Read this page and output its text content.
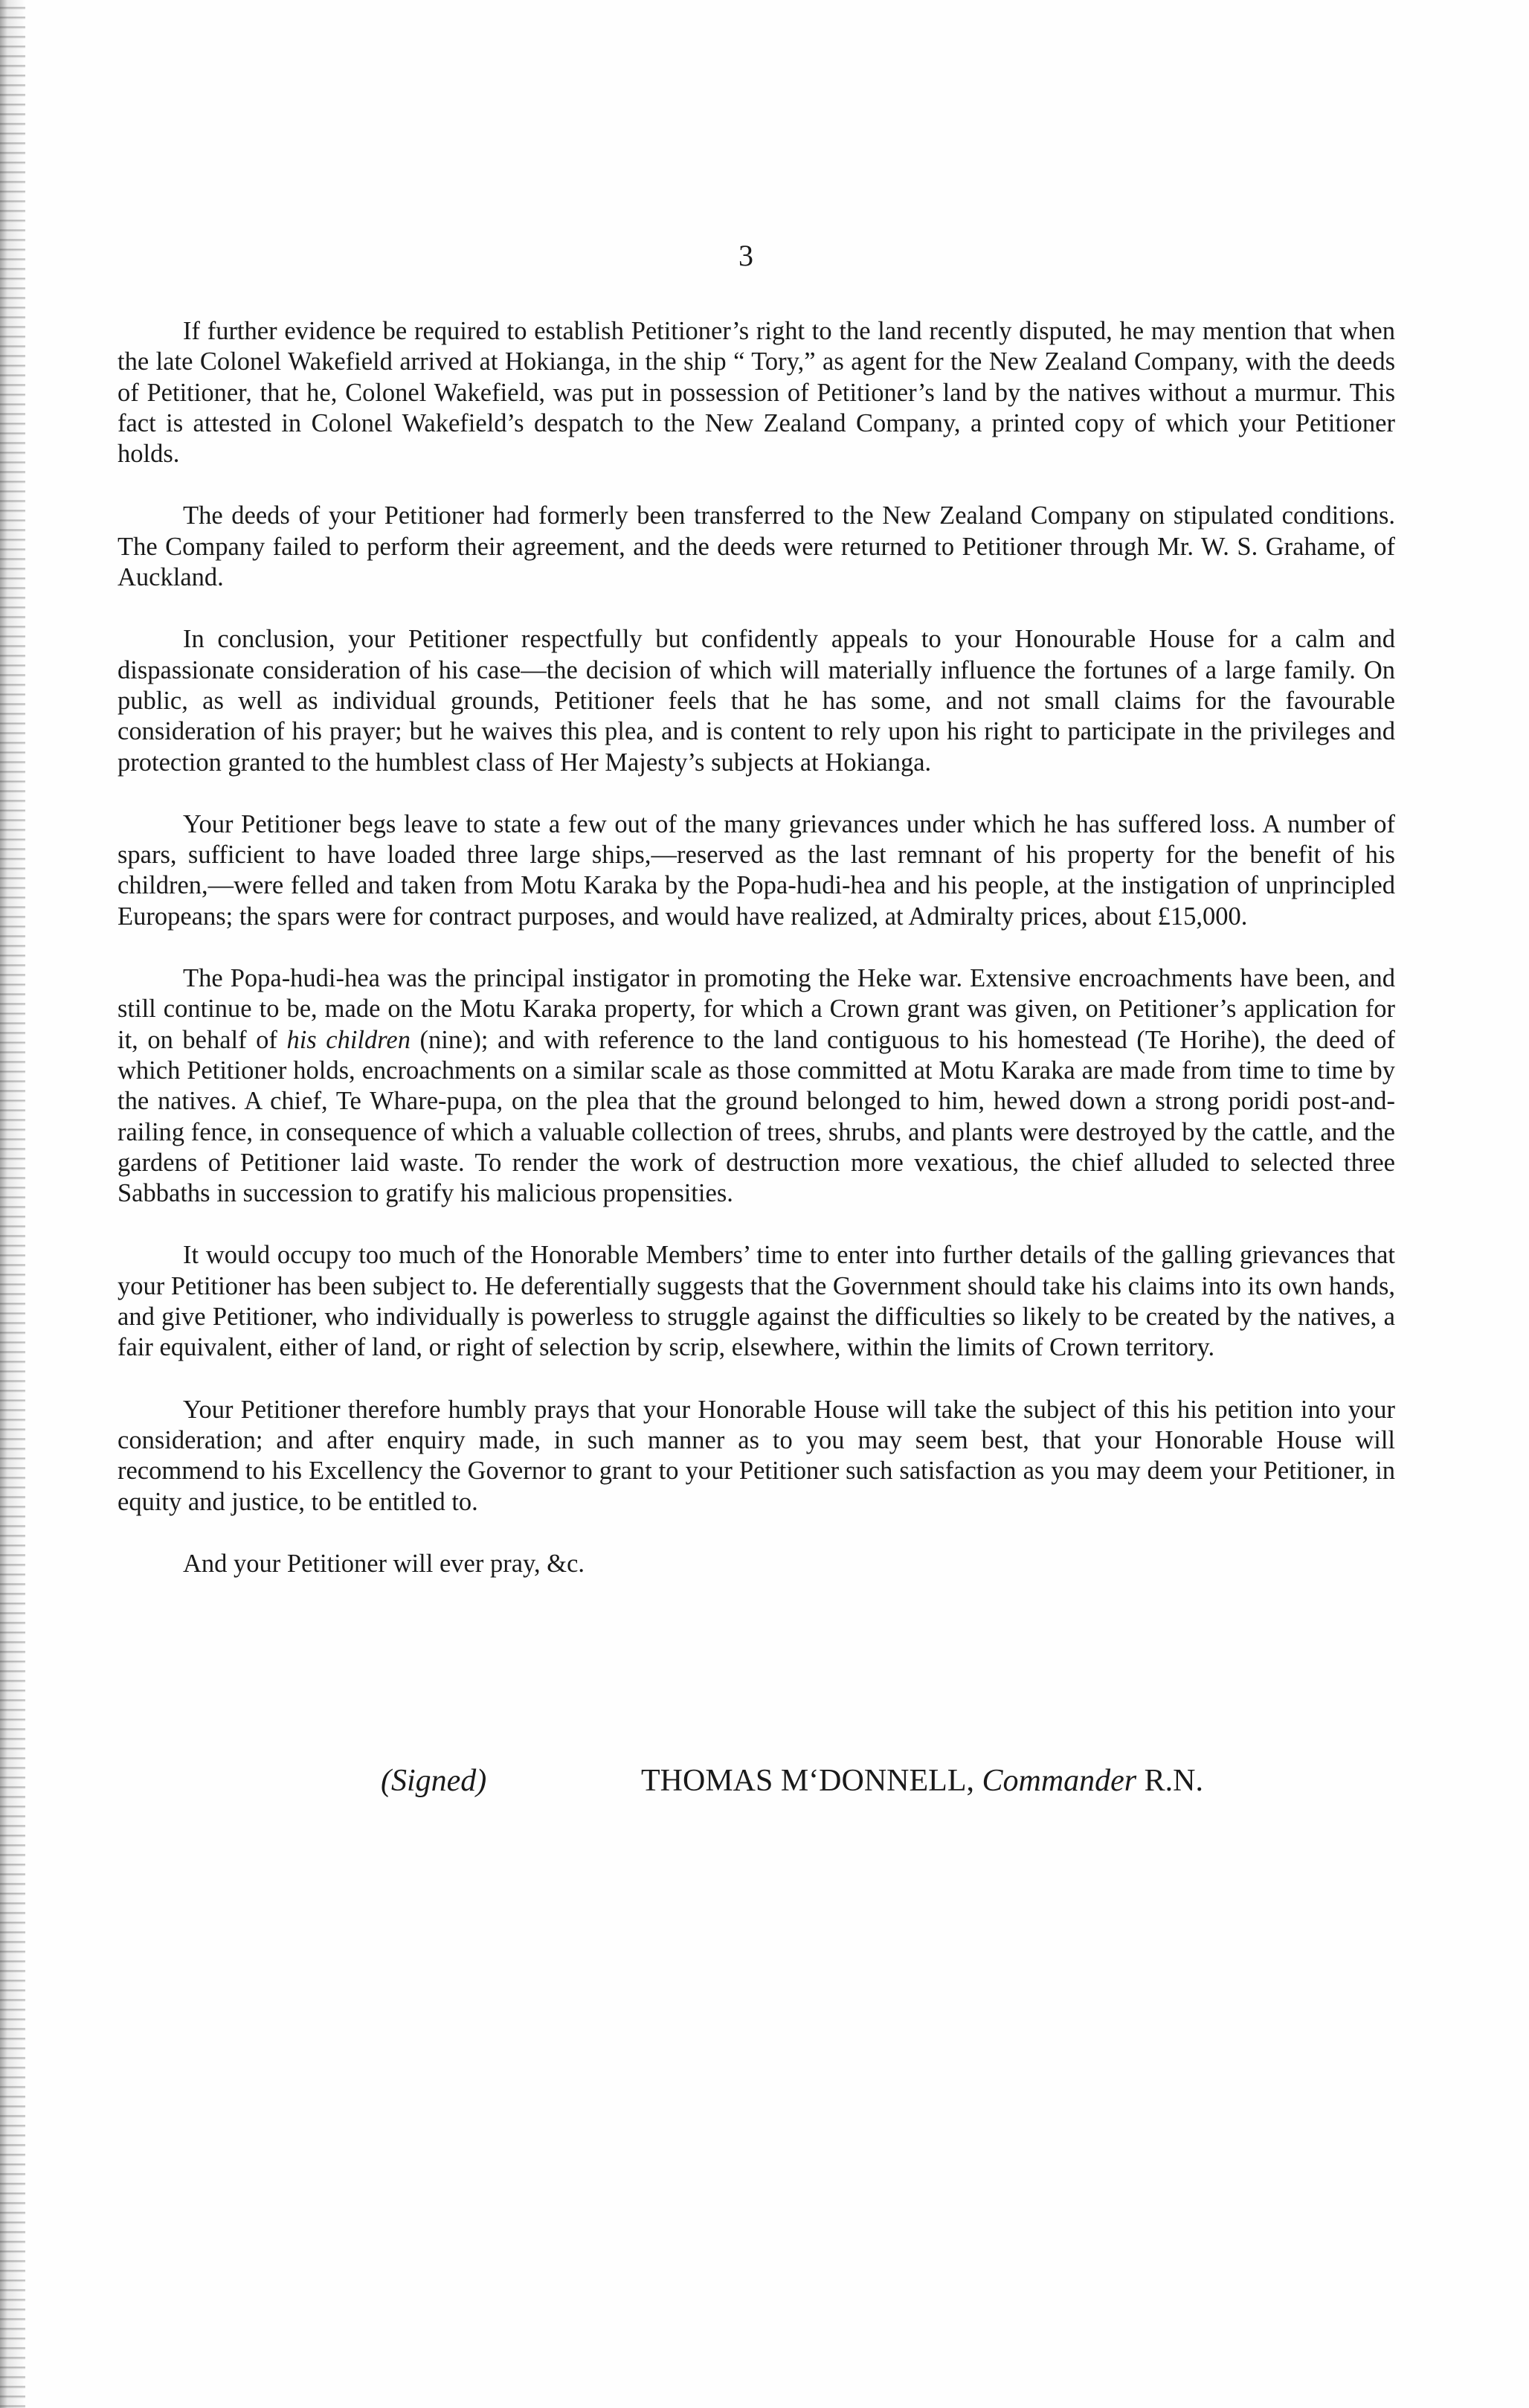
3

If further evidence be required to establish Petitioner’s right to the land recently disputed, he may mention that when the late Colonel Wakefield arrived at Hokianga, in the ship “ Tory,” as agent for the New Zealand Company, with the deeds of Petitioner, that he, Colonel Wakefield, was put in possession of Petitioner’s land by the natives without a murmur. This fact is attested in Colonel Wakefield’s despatch to the New Zealand Company, a printed copy of which your Petitioner holds.

The deeds of your Petitioner had formerly been transferred to the New Zealand Company on stipulated conditions. The Company failed to perform their agreement, and the deeds were returned to Petitioner through Mr. W. S. Grahame, of Auckland.

In conclusion, your Petitioner respectfully but confidently appeals to your Honourable House for a calm and dispassionate consideration of his case—the decision of which will materially influence the fortunes of a large family. On public, as well as individual grounds, Petitioner feels that he has some, and not small claims for the favourable consideration of his prayer; but he waives this plea, and is content to rely upon his right to participate in the privileges and protection granted to the humblest class of Her Majesty’s subjects at Hokianga.

Your Petitioner begs leave to state a few out of the many grievances under which he has suffered loss. A number of spars, sufficient to have loaded three large ships,—reserved as the last remnant of his property for the benefit of his children,—were felled and taken from Motu Karaka by the Popa-hudi-hea and his people, at the instigation of unprincipled Europeans; the spars were for contract purposes, and would have realized, at Admiralty prices, about £15,000.

The Popa-hudi-hea was the principal instigator in promoting the Heke war. Extensive encroachments have been, and still continue to be, made on the Motu Karaka property, for which a Crown grant was given, on Petitioner’s application for it, on behalf of his children (nine); and with reference to the land contiguous to his homestead (Te Horihe), the deed of which Petitioner holds, encroachments on a similar scale as those committed at Motu Karaka are made from time to time by the natives. A chief, Te Whare-pupa, on the plea that the ground belonged to him, hewed down a strong poridi post-and-railing fence, in consequence of which a valuable collection of trees, shrubs, and plants were destroyed by the cattle, and the gardens of Petitioner laid waste. To render the work of destruction more vexatious, the chief alluded to selected three Sabbaths in succession to gratify his malicious propensities.

It would occupy too much of the Honorable Members’ time to enter into further details of the galling grievances that your Petitioner has been subject to. He deferentially suggests that the Government should take his claims into its own hands, and give Petitioner, who individually is powerless to struggle against the difficulties so likely to be created by the natives, a fair equivalent, either of land, or right of selection by scrip, elsewhere, within the limits of Crown territory.

Your Petitioner therefore humbly prays that your Honorable House will take the subject of this his petition into your consideration; and after enquiry made, in such manner as to you may seem best, that your Honorable House will recommend to his Excellency the Governor to grant to your Petitioner such satisfaction as you may deem your Petitioner, in equity and justice, to be entitled to.

And your Petitioner will ever pray, &c.

(Signed)	THOMAS M‘DONNELL, Commander R.N.
